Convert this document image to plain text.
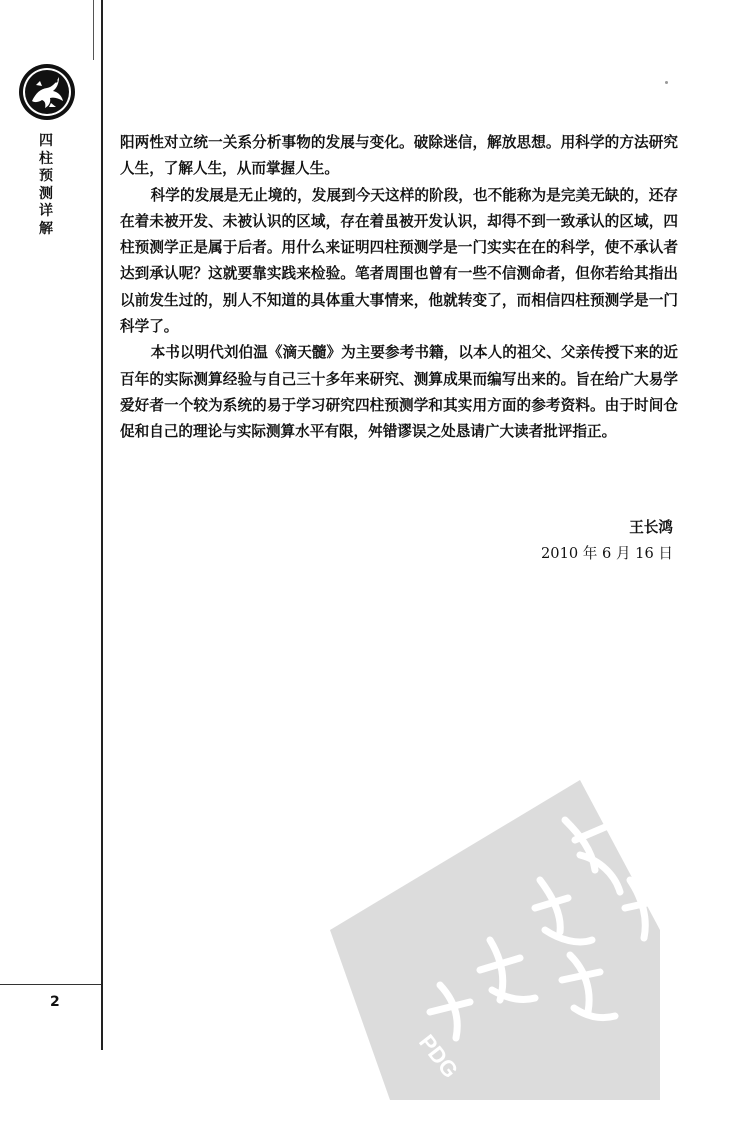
四
柱
预
测
详
解
2

阳两性对立统一关系分析事物的发展与变化。破除迷信，解放思想。用科学的方法研究人生，了解人生，从而掌握人生。

科学的发展是无止境的，发展到今天这样的阶段，也不能称为是完美无缺的，还存在着未被开发、未被认识的区域，存在着虽被开发认识，却得不到一致承认的区域，四柱预测学正是属于后者。用什么来证明四柱预测学是一门实实在在的科学，使不承认者达到承认呢？这就要靠实践来检验。笔者周围也曾有一些不信测命者，但你若给其指出以前发生过的，别人不知道的具体重大事情来，他就转变了，而相信四柱预测学是一门科学了。

本书以明代刘伯温《滴天髓》为主要参考书籍，以本人的祖父、父亲传授下来的近百年的实际测算经验与自己三十多年来研究、测算成果而编写出来的。旨在给广大易学爱好者一个较为系统的易于学习研究四柱预测学和其实用方面的参考资料。由于时间仓促和自己的理论与实际测算水平有限，舛错谬误之处恳请广大读者批评指正。

王长鸿
2010 年 6 月 16 日
PDG
